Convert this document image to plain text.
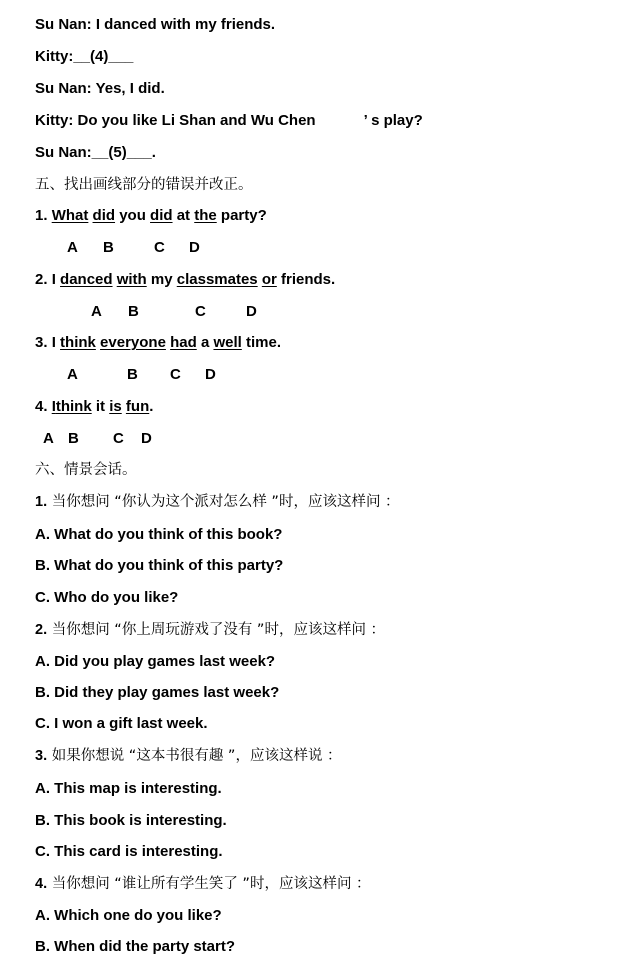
Su Nan: I danced with my friends.
Kitty:__(4)___
Su Nan: Yes, I did.
Kitty: Do you like Li Shan and Wu Chen	’ s play?
Su Nan:__(5)___.
五、找出画线部分的错误并改正。
1. What did you did at the party?
A B	C D
2. I danced with my classmates or friends.
A B	C	D
3. I think everyone had a well time.
A	B C D
4. Ithink it is fun.
A B C D
六、情景会话。
1. 当你想问 “你认为这个派对怎么样 ”时，应该这样问 ：
A. What do you think of this book?
B. What do you think of this party?
C. Who do you like?
2. 当你想问 “你上周玩游戏了没有 ”时，应该这样问 ：
A. Did you play games last week?
B. Did they play games last week?
C. I won a gift last week.
3. 如果你想说 “这本书很有趣 ”，应该这样说 ：
A. This map is interesting.
B. This book is interesting.
C. This card is interesting.
4. 当你想问 “谁让所有学生笑了 ”时，应该这样问 ：
A. Which one do you like?
B. When did the party start?
